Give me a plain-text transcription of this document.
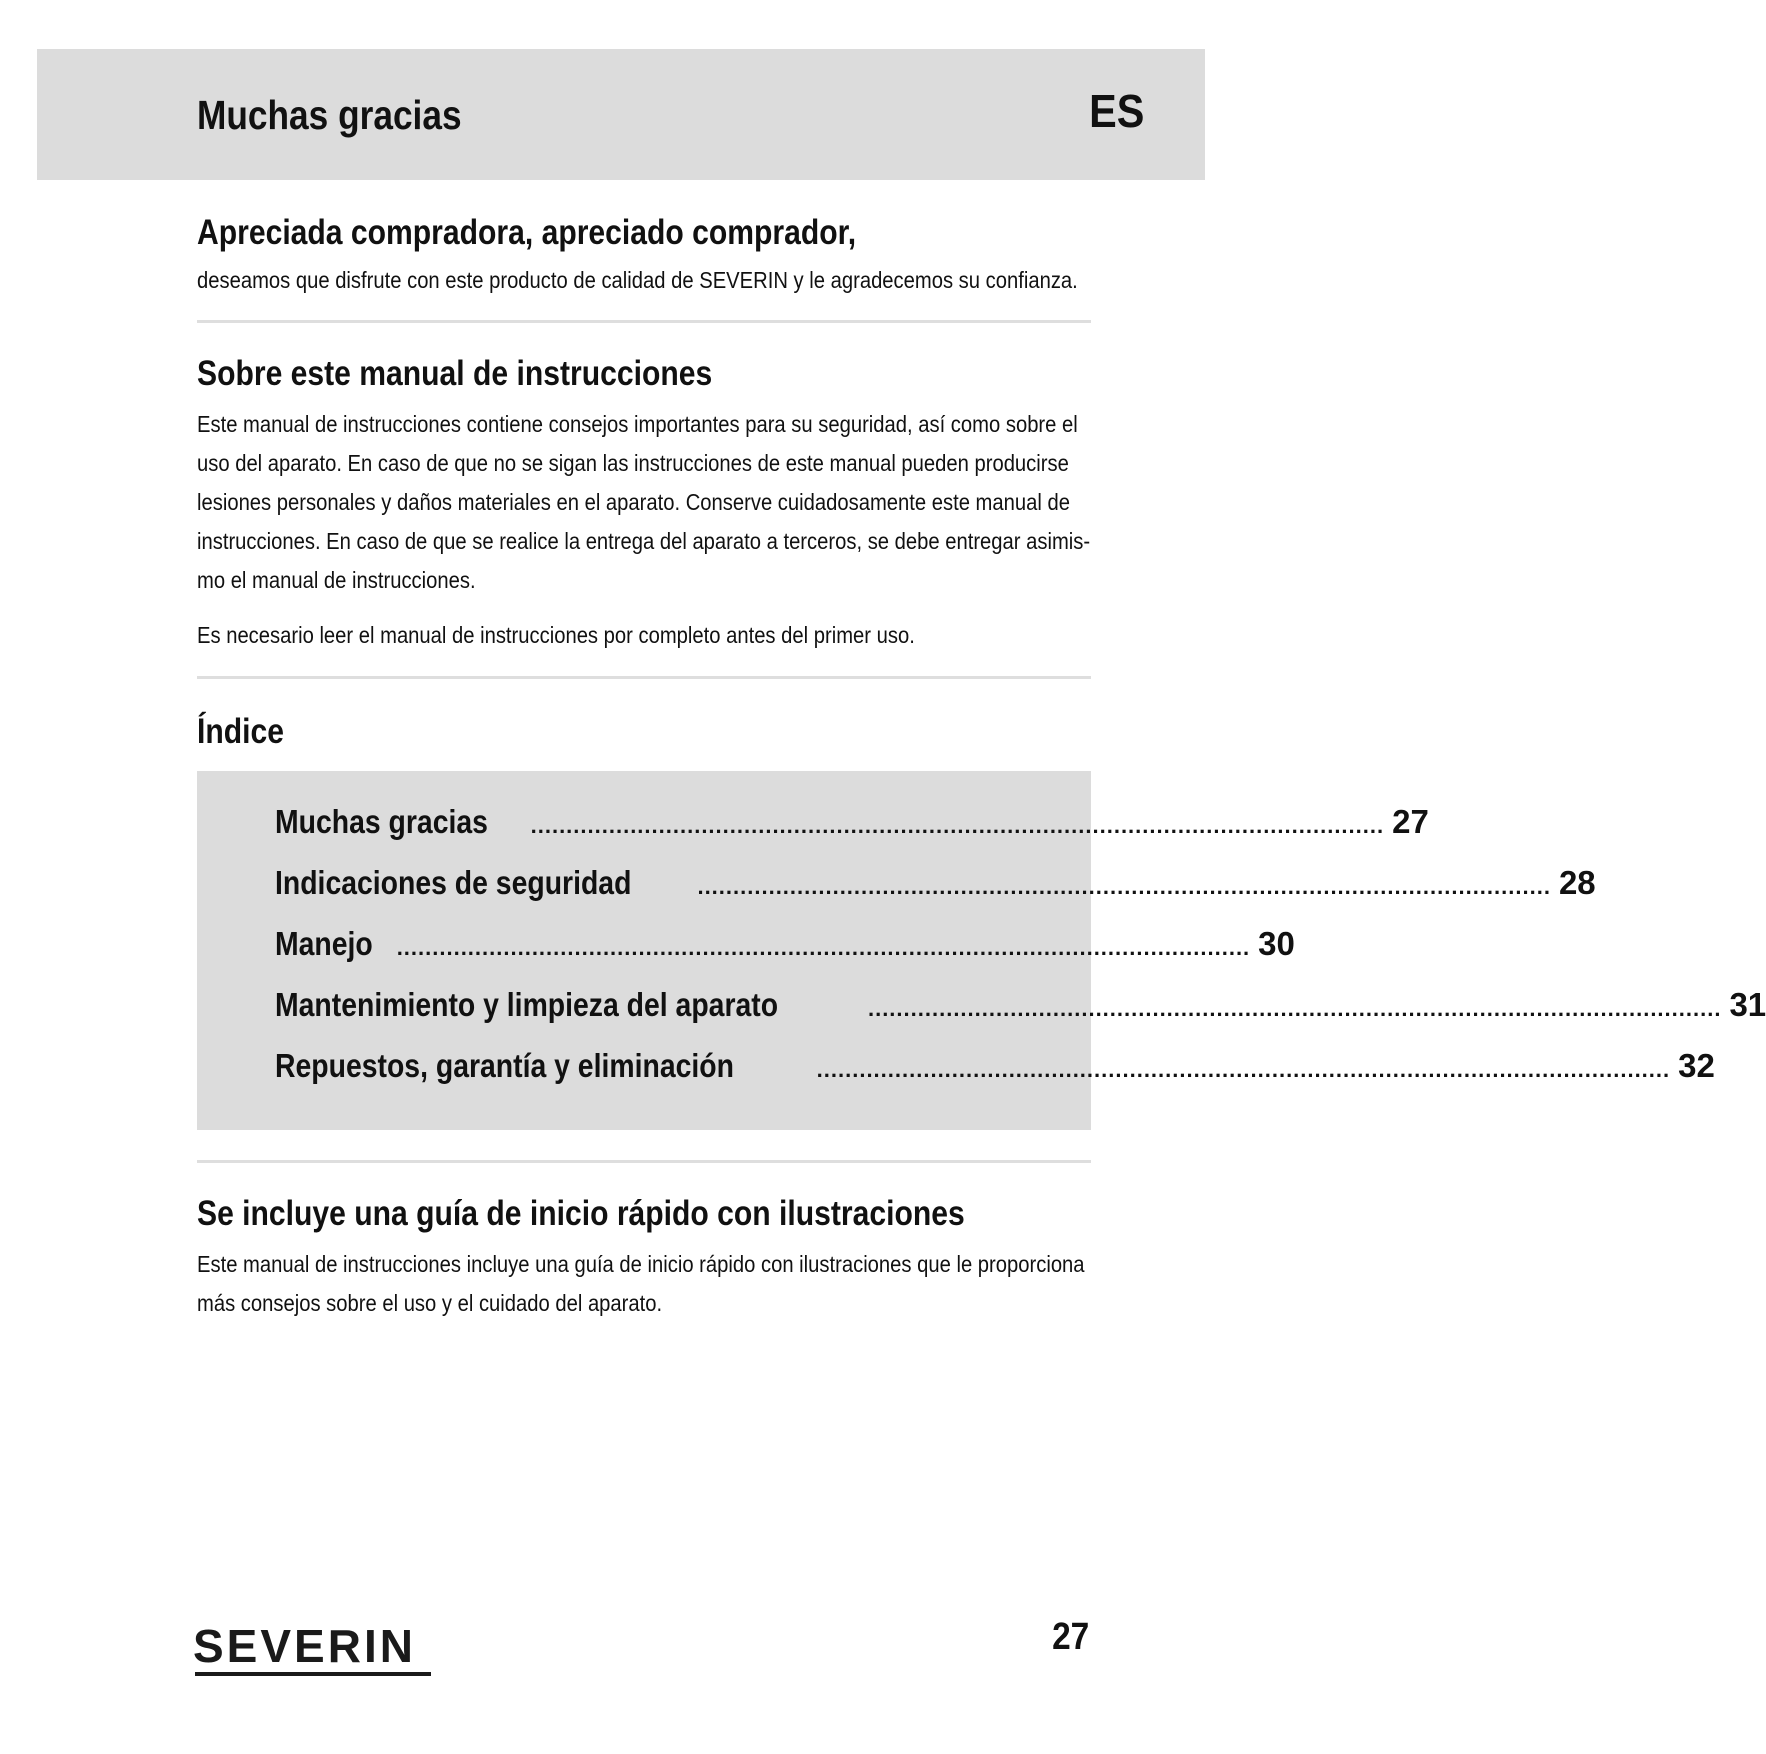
Muchas gracias	ES
Apreciada compradora, apreciado comprador,

deseamos que disfrute con este producto de calidad de SEVERIN y le agradecemos su confianza.

Sobre este manual de instrucciones

Este manual de instrucciones contiene consejos importantes para su seguridad, así como sobre el

uso del aparato. En caso de que no se sigan las instrucciones de este manual pueden producirse

lesiones personales y daños materiales en el aparato. Conserve cuidadosamente este manual de

instrucciones. En caso de que se realice la entrega del aparato a terceros, se debe entregar asimis-

mo el manual de instrucciones.

Es necesario leer el manual de instrucciones por completo antes del primer uso.

Índice
Muchas gracias ........................................................................................................................ 27
Indicaciones de seguridad	........................................................................................................................ 28
Manejo ........................................................................................................................ 30
Mantenimiento y limpieza del aparato	........................................................................................................................ 31
Repuestos, garantía y eliminación	........................................................................................................................ 32
Se incluye una guía de inicio rápido con ilustraciones

Este manual de instrucciones incluye una guía de inicio rápido con ilustraciones que le proporciona

más consejos sobre el uso y el cuidado del aparato.

SEVERIN	27
